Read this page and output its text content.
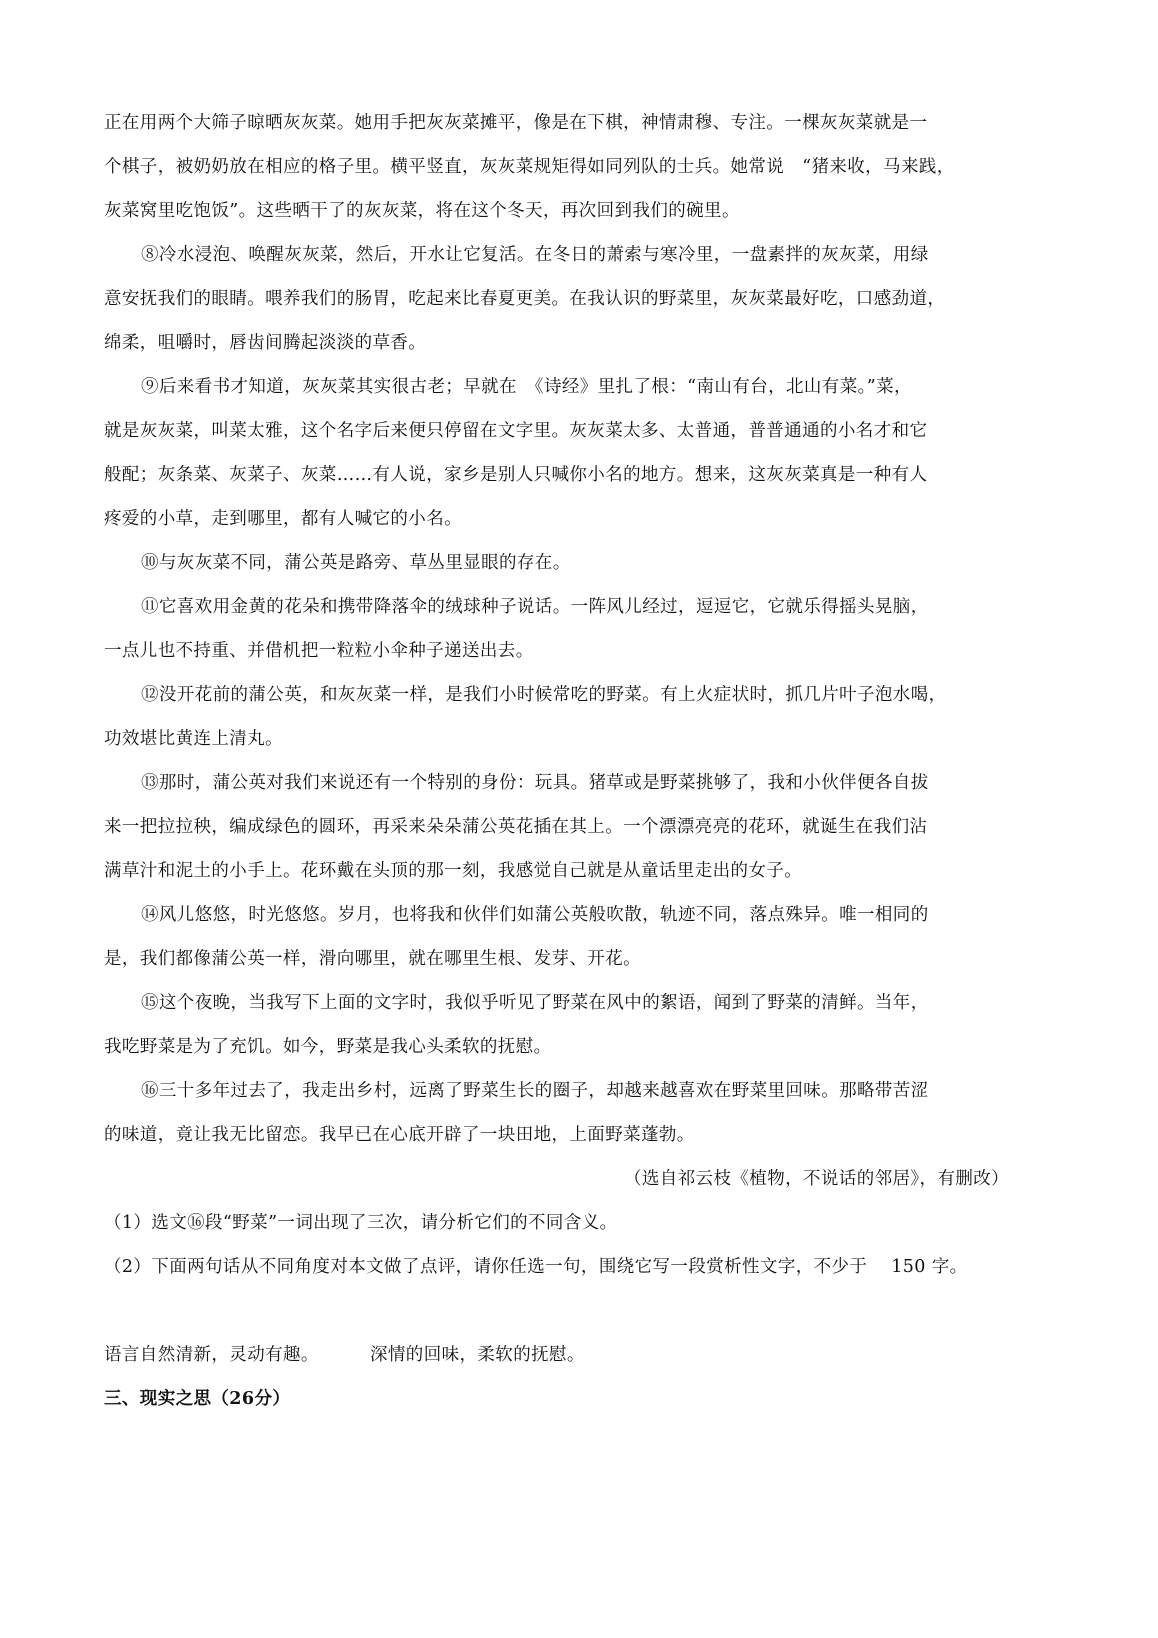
正在用两个大筛子晾晒灰灰菜。她用手把灰灰菜摊平，像是在下棋，神情肃穆、专注。一棵灰灰菜就是一
个棋子，被奶奶放在相应的格子里。横平竖直，灰灰菜规矩得如同列队的士兵。她常说　“猪来收，马来践，
灰菜窝里吃饱饭”。这些晒干了的灰灰菜，将在这个冬天，再次回到我们的碗里。
⑧冷水浸泡、唤醒灰灰菜，然后，开水让它复活。在冬日的萧索与寒冷里，一盘素拌的灰灰菜，用绿
意安抚我们的眼睛。喂养我们的肠胃，吃起来比春夏更美。在我认识的野菜里，灰灰菜最好吃，口感劲道，
绵柔，咀嚼时，唇齿间腾起淡淡的草香。
⑨后来看书才知道，灰灰菜其实很古老；早就在　《诗经》里扎了根：“南山有台，北山有菜。”菜，
就是灰灰菜，叫菜太雅，这个名字后来便只停留在文字里。灰灰菜太多、太普通，普普通通的小名才和它
般配；灰条菜、灰菜子、灰菜……有人说，家乡是别人只喊你小名的地方。想来，这灰灰菜真是一种有人
疼爱的小草，走到哪里，都有人喊它的小名。
⑩与灰灰菜不同，蒲公英是路旁、草丛里显眼的存在。
⑪它喜欢用金黄的花朵和携带降落伞的绒球种子说话。一阵风儿经过，逗逗它，它就乐得摇头晃脑，
一点儿也不持重、并借机把一粒粒小伞种子递送出去。
⑫没开花前的蒲公英，和灰灰菜一样，是我们小时候常吃的野菜。有上火症状时，抓几片叶子泡水喝，
功效堪比黄连上清丸。
⑬那时，蒲公英对我们来说还有一个特别的身份：玩具。猪草或是野菜挑够了，我和小伙伴便各自拔
来一把拉拉秧，编成绿色的圆环，再采来朵朵蒲公英花插在其上。一个漂漂亮亮的花环，就诞生在我们沾
满草汁和泥土的小手上。花环戴在头顶的那一刻，我感觉自己就是从童话里走出的女子。
⑭风儿悠悠，时光悠悠。岁月，也将我和伙伴们如蒲公英般吹散，轨迹不同，落点殊异。唯一相同的
是，我们都像蒲公英一样，滑向哪里，就在哪里生根、发芽、开花。
⑮这个夜晚，当我写下上面的文字时，我似乎听见了野菜在风中的絮语，闻到了野菜的清鲜。当年，
我吃野菜是为了充饥。如今，野菜是我心头柔软的抚慰。
⑯三十多年过去了，我走出乡村，远离了野菜生长的圈子，却越来越喜欢在野菜里回味。那略带苦涩
的味道，竟让我无比留恋。我早已在心底开辟了一块田地，上面野菜蓬勃。
（选自祁云枝《植物，不说话的邻居》，有删改）
（1）选文⑯段“野菜”一词出现了三次，请分析它们的不同含义。
（2）下面两句话从不同角度对本文做了点评，请你任选一句，围绕它写一段赏析性文字，不少于　 150 字。
语言自然清新，灵动有趣。	深情的回味，柔软的抚慰。
三、现实之思（26分）
